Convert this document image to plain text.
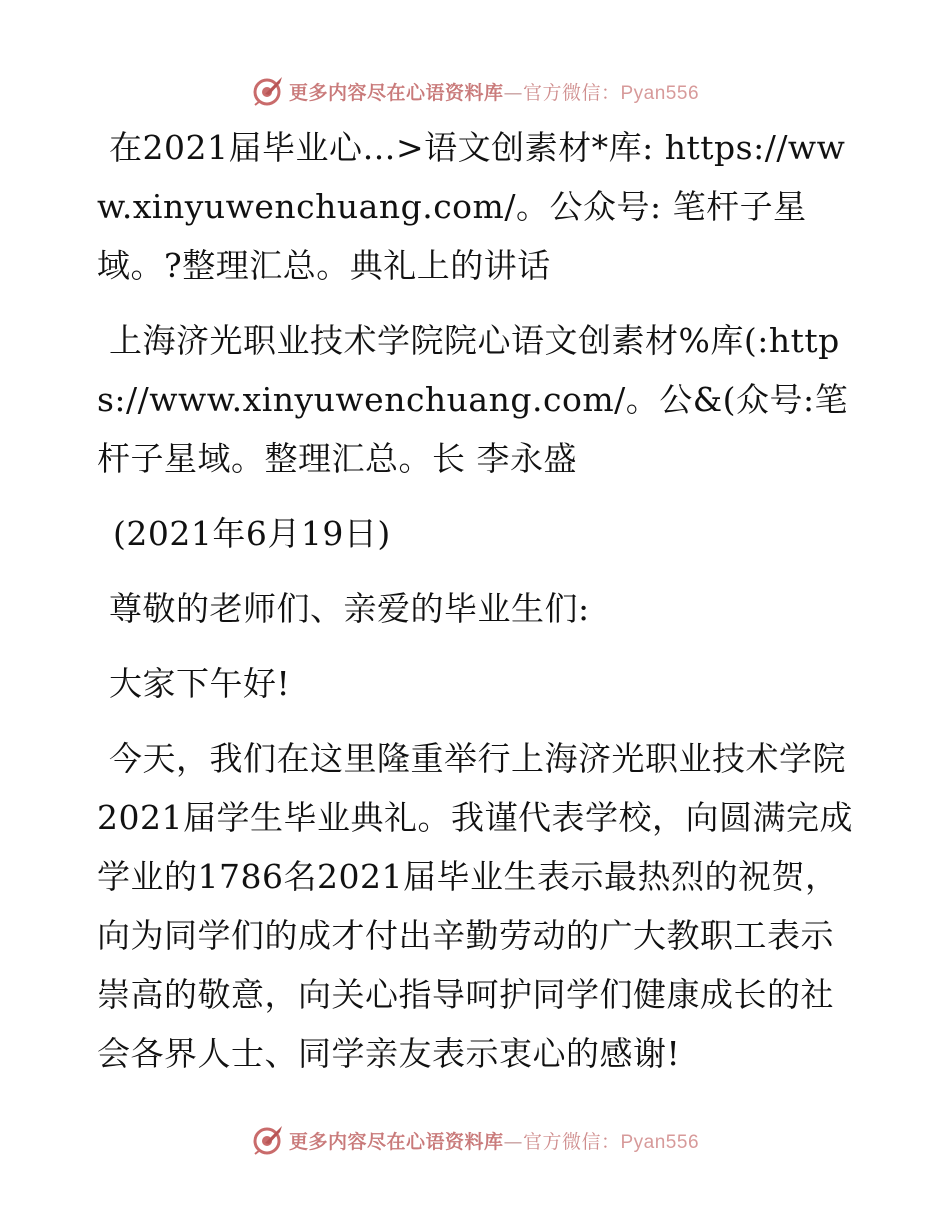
更多内容尽在心语资料库—官方微信：Pyan556

在2021届毕业心…>语文创素材*库: https://www.xinyuwenchuang.com/。公众号: 笔杆子星域。?整理汇总。典礼上的讲话

上海济光职业技术学院院心语文创素材%库(:https://www.xinyuwenchuang.com/。公&(众号:笔杆子星域。整理汇总。长 李永盛

(2021年6月19日)

尊敬的老师们、亲爱的毕业生们:

大家下午好!

今天，我们在这里隆重举行上海济光职业技术学院2021届学生毕业典礼。我谨代表学校，向圆满完成学业的1786名2021届毕业生表示最热烈的祝贺，向为同学们的成才付出辛勤劳动的广大教职工表示崇高的敬意，向关心指导呵护同学们健康成长的社会各界人士、同学亲友表示衷心的感谢!

更多内容尽在心语资料库—官方微信：Pyan556
